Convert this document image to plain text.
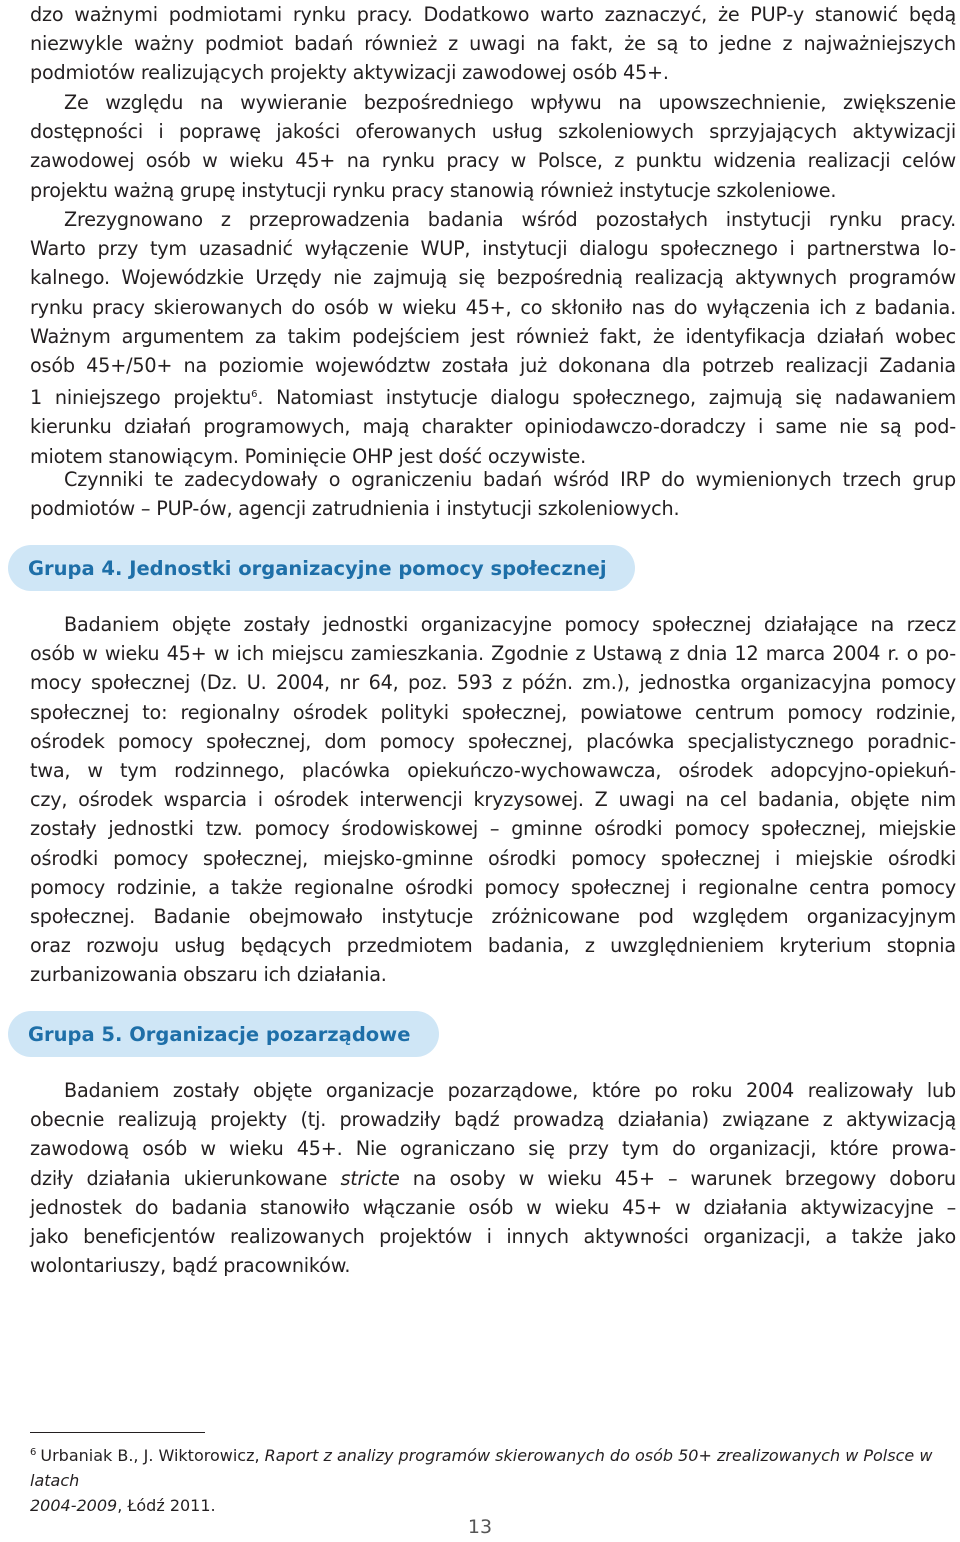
dzo ważnymi podmiotami rynku pracy. Dodatkowo warto zaznaczyć, że PUP-y stanowić będą
niezwykle ważny podmiot badań również z uwagi na fakt, że są to jedne z najważniejszych
podmiotów realizujących projekty aktywizacji zawodowej osób 45+.

Ze względu na wywieranie bezpośredniego wpływu na upowszechnienie, zwiększenie
dostępności i poprawę jakości oferowanych usług szkoleniowych sprzyjających aktywizacji
zawodowej osób w wieku 45+ na rynku pracy w Polsce, z punktu widzenia realizacji celów
projektu ważną grupę instytucji rynku pracy stanowią również instytucje szkoleniowe.

Zrezygnowano z przeprowadzenia badania wśród pozostałych instytucji rynku pracy.
Warto przy tym uzasadnić wyłączenie WUP, instytucji dialogu społecznego i partnerstwa lo-
kalnego. Wojewódzkie Urzędy nie zajmują się bezpośrednią realizacją aktywnych programów
rynku pracy skierowanych do osób w wieku 45+, co skłoniło nas do wyłączenia ich z badania.
Ważnym argumentem za takim podejściem jest również fakt, że identyfikacja działań wobec
osób 45+/50+ na poziomie województw została już dokonana dla potrzeb realizacji Zadania
1 niniejszego projektu$^6$. Natomiast instytucje dialogu społecznego, zajmują się nadawaniem
kierunku działań programowych, mają charakter opiniodawczo-doradczy i same nie są pod-
miotem stanowiącym. Pominięcie OHP jest dość oczywiste.

Czynniki te zadecydowały o ograniczeniu badań wśród IRP do wymienionych trzech grup
podmiotów – PUP-ów, agencji zatrudnienia i instytucji szkoleniowych.

Grupa 4.
Jednostki organizacyjne pomocy społecznej

Badaniem objęte zostały jednostki organizacyjne pomocy społecznej działające na rzecz
osób w wieku 45+ w ich miejscu zamieszkania. Zgodnie z Ustawą z dnia 12 marca 2004 r. o po-
mocy społecznej (Dz. U. 2004, nr 64, poz. 593 z późn. zm.), jednostka organizacyjna pomocy
społecznej to: regionalny ośrodek polityki społecznej, powiatowe centrum pomocy rodzinie,
ośrodek pomocy społecznej, dom pomocy społecznej, placówka specjalistycznego poradnic-
twa, w tym rodzinnego, placówka opiekuńczo-wychowawcza, ośrodek adopcyjno-opiekuń-
czy, ośrodek wsparcia i ośrodek interwencji kryzysowej. Z uwagi na cel badania, objęte nim
zostały jednostki tzw. pomocy środowiskowej – gminne ośrodki pomocy społecznej, miejskie
ośrodki pomocy społecznej, miejsko-gminne ośrodki pomocy społecznej i miejskie ośrodki
pomocy rodzinie, a także regionalne ośrodki pomocy społecznej i regionalne centra pomocy
społecznej. Badanie obejmowało instytucje zróżnicowane pod względem organizacyjnym
oraz rozwoju usług będących przedmiotem badania, z uwzględnieniem kryterium stopnia
zurbanizowania obszaru ich działania.

Grupa 5.
Organizacje pozarządowe

Badaniem zostały objęte organizacje pozarządowe, które po roku 2004 realizowały lub
obecnie realizują projekty (tj. prowadziły bądź prowadzą działania) związane z aktywizacją
zawodową osób w wieku 45+. Nie ograniczano się przy tym do organizacji, które prowa-
dziły działania ukierunkowane stricte na osoby w wieku 45+ – warunek brzegowy doboru
jednostek do badania stanowiło włączanie osób w wieku 45+ w działania aktywizacyjne –
jako beneficjentów realizowanych projektów i innych aktywności organizacji, a także jako
wolontariuszy, bądź pracowników.

$^6$ Urbaniak B., J. Wiktorowicz, Raport z analizy programów skierowanych do osób 50+ zrealizowanych w Polsce w latach
2004-2009, Łódź 2011.
13
